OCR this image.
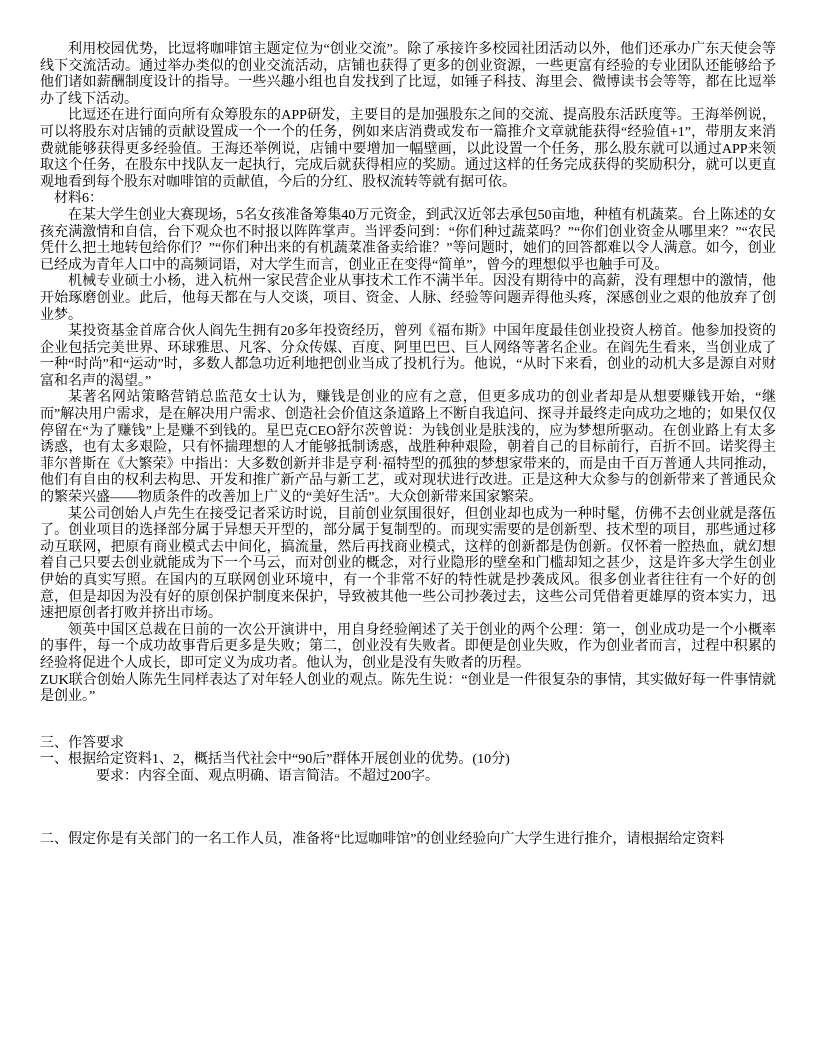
利用校园优势，比逗将咖啡馆主题定位为“创业交流”。除了承接许多校园社团活动以外，他们还承办广东天使会等线下交流活动。通过举办类似的创业交流活动，店铺也获得了更多的创业资源，一些更富有经验的专业团队还能够给予他们诸如薪酬制度设计的指导。一些兴趣小组也自发找到了比逗，如锤子科技、海里会、微博读书会等等，都在比逗举办了线下活动。

比逗还在进行面向所有众筹股东的APP研发，主要目的是加强股东之间的交流、提高股东活跃度等。王海举例说，可以将股东对店铺的贡献设置成一个一个的任务，例如来店消费或发布一篇推介文章就能获得“经验值+1”，带朋友来消费就能够获得更多经验值。王海还举例说，店铺中要增加一幅壁画，以此设置一个任务，那么股东就可以通过APP来领取这个任务，在股东中找队友一起执行，完成后就获得相应的奖励。通过这样的任务完成获得的奖励积分，就可以更直观地看到每个股东对咖啡馆的贡献值，今后的分红、股权流转等就有据可依。

材料6：

在某大学生创业大赛现场，5名女孩准备筹集40万元资金，到武汉近邻去承包50亩地，种植有机蔬菜。台上陈述的女孩充满激情和自信，台下观众也不时报以阵阵掌声。当评委问到：“你们种过蔬菜吗？”“你们创业资金从哪里来？”“农民凭什么把土地转包给你们？”“你们种出来的有机蔬菜准备卖给谁？”等问题时，她们的回答都难以令人满意。如今，创业已经成为青年人口中的高频词语，对大学生而言，创业正在变得“简单”，曾今的理想似乎也触手可及。

机械专业硕士小杨，进入杭州一家民营企业从事技术工作不满半年。因没有期待中的高薪，没有理想中的激情，他开始琢磨创业。此后，他每天都在与人交谈，项目、资金、人脉、经验等问题弄得他头疼，深感创业之艰的他放弃了创业梦。

某投资基金首席合伙人阎先生拥有20多年投资经历，曾列《福布斯》中国年度最佳创业投资人榜首。他参加投资的企业包括完美世界、环球雅思、凡客、分众传媒、百度、阿里巴巴、巨人网络等著名企业。在阎先生看来，当创业成了一种“时尚”和“运动”时，多数人都急功近利地把创业当成了投机行为。他说，“从时下来看，创业的动机大多是源自对财富和名声的渴望。”

某著名网站策略营销总监范女士认为，赚钱是创业的应有之意，但更多成功的创业者却是从想要赚钱开始，“继而”解决用户需求，是在解决用户需求、创造社会价值这条道路上不断自我追问、探寻并最终走向成功之地的；如果仅仅停留在“为了赚钱”上是赚不到钱的。星巴克CEO舒尔茨曾说：为钱创业是肤浅的，应为梦想所驱动。在创业路上有太多诱惑，也有太多艰险，只有怀揣理想的人才能够抵制诱惑，战胜种种艰险，朝着自己的目标前行，百折不回。诺奖得主菲尔普斯在《大繁荣》中指出：大多数创新并非是亨利·福特型的孤独的梦想家带来的，而是由千百万普通人共同推动，他们有自由的权利去构思、开发和推广新产品与新工艺，或对现状进行改进。正是这种大众参与的创新带来了普通民众的繁荣兴盛——物质条件的改善加上广义的“美好生活”。大众创新带来国家繁荣。

某公司创始人卢先生在接受记者采访时说，目前创业氛围很好，但创业却也成为一种时髦，仿佛不去创业就是落伍了。创业项目的选择部分属于异想天开型的，部分属于复制型的。而现实需要的是创新型、技术型的项目，那些通过移动互联网，把原有商业模式去中间化，搞流量，然后再找商业模式，这样的创新都是伪创新。仅怀着一腔热血，就幻想着自己只要去创业就能成为下一个马云，而对创业的概念，对行业隐形的壁垒和门槛却知之甚少，这是许多大学生创业伊始的真实写照。在国内的互联网创业环境中，有一个非常不好的特性就是抄袭成风。很多创业者往往有一个好的创意，但是却因为没有好的原创保护制度来保护，导致被其他一些公司抄袭过去，这些公司凭借着更雄厚的资本实力，迅速把原创者打败并挤出市场。

领英中国区总裁在日前的一次公开演讲中，用自身经验阐述了关于创业的两个公理：第一，创业成功是一个小概率的事件，每一个成功故事背后更多是失败；第二，创业没有失败者。即便是创业失败，作为创业者而言，过程中积累的经验将促进个人成长，即可定义为成功者。他认为，创业是没有失败者的历程。

ZUK联合创始人陈先生同样表达了对年轻人创业的观点。陈先生说：“创业是一件很复杂的事情，其实做好每一件事情就是创业。”

三、作答要求

一、根据给定资料1、2，概括当代社会中“90后”群体开展创业的优势。(10分)

要求：内容全面、观点明确、语言简洁。不超过200字。

二、假定你是有关部门的一名工作人员，准备将“比逗咖啡馆”的创业经验向广大学生进行推介，请根据给定资料
